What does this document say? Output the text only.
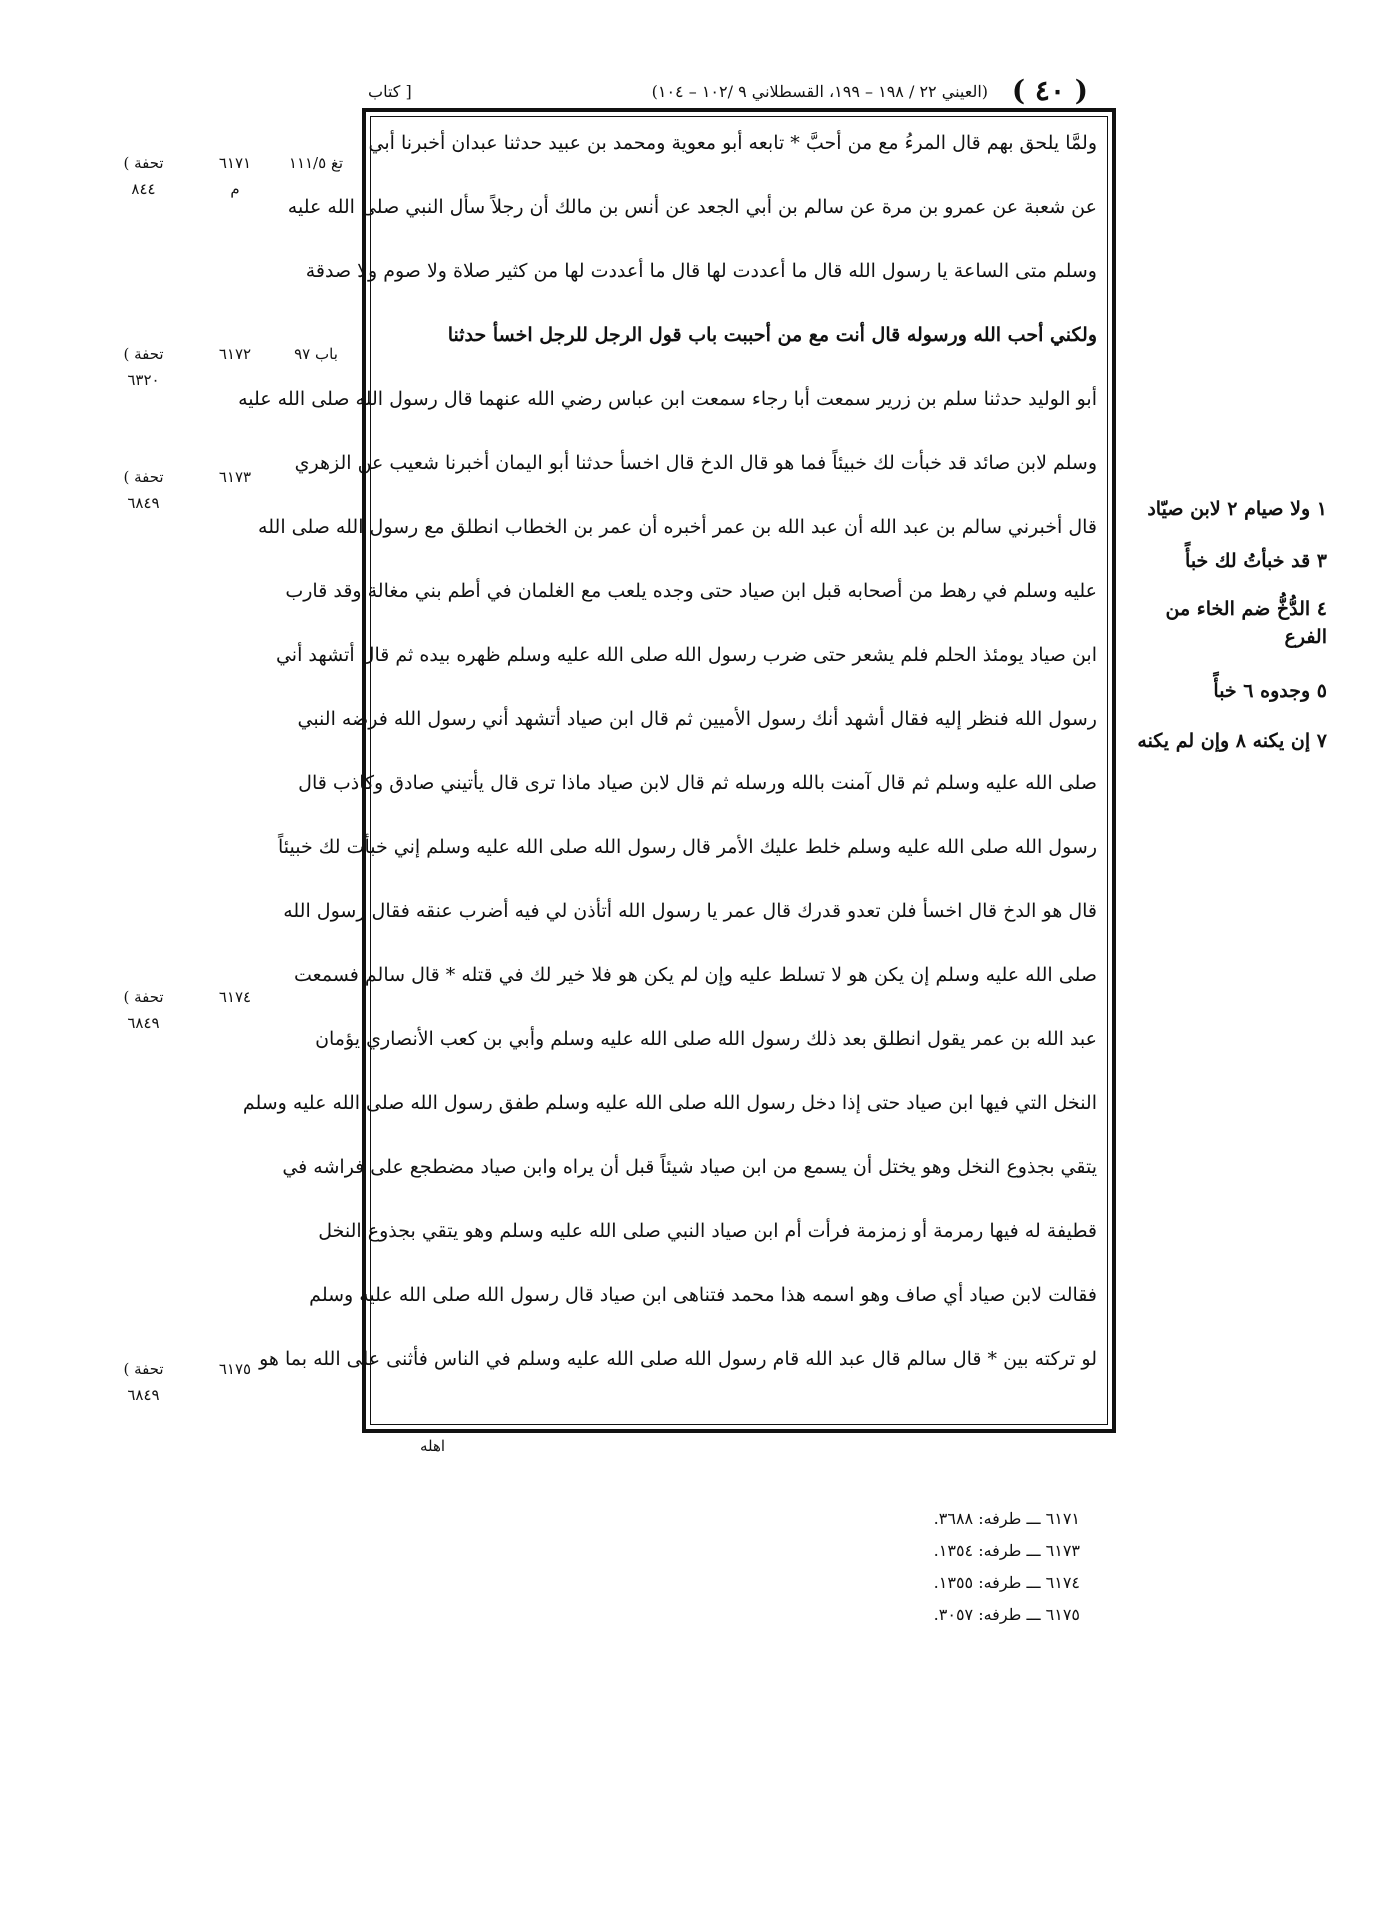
( ٤٠ )
(العيني ٢٢ / ١٩٨ – ١٩٩، القسطلاني ٩ /١٠٢ – ١٠٤)
[ كتاب
ولمَّا يلحق بهم قال المرءُ مع من أحبَّ * تابعه أبو معوية ومحمد بن عبيد حدثنا عبدان أخبرنا أبي
عن شعبة عن عمرو بن مرة عن سالم بن أبي الجعد عن أنس بن مالك أن رجلاً سأل النبي صلى الله عليه
وسلم متى الساعة يا رسول الله قال ما أعددت لها قال ما أعددت لها من كثير صلاة ولا صوم ولا صدقة
ولكني أحب الله ورسوله قال أنت مع من أحببت باب قول الرجل للرجل اخسأ حدثنا
أبو الوليد حدثنا سلم بن زرير سمعت أبا رجاء سمعت ابن عباس رضي الله عنهما قال رسول الله صلى الله عليه
وسلم لابن صائد قد خبأت لك خبيئاً فما هو قال الدخ قال اخسأ حدثنا أبو اليمان أخبرنا شعيب عن الزهري
قال أخبرني سالم بن عبد الله أن عبد الله بن عمر أخبره أن عمر بن الخطاب انطلق مع رسول الله صلى الله
عليه وسلم في رهط من أصحابه قبل ابن صياد حتى وجده يلعب مع الغلمان في أطم بني مغالة وقد قارب
ابن صياد يومئذ الحلم فلم يشعر حتى ضرب رسول الله صلى الله عليه وسلم ظهره بيده ثم قال أتشهد أني
رسول الله فنظر إليه فقال أشهد أنك رسول الأميين ثم قال ابن صياد أتشهد أني رسول الله فرضه النبي
صلى الله عليه وسلم ثم قال آمنت بالله ورسله ثم قال لابن صياد ماذا ترى قال يأتيني صادق وكاذب قال
رسول الله صلى الله عليه وسلم خلط عليك الأمر قال رسول الله صلى الله عليه وسلم إني خبأت لك خبيئاً
قال هو الدخ قال اخسأ فلن تعدو قدرك قال عمر يا رسول الله أتأذن لي فيه أضرب عنقه فقال رسول الله
صلى الله عليه وسلم إن يكن هو لا تسلط عليه وإن لم يكن هو فلا خير لك في قتله * قال سالم فسمعت
عبد الله بن عمر يقول انطلق بعد ذلك رسول الله صلى الله عليه وسلم وأبي بن كعب الأنصاري يؤمان
النخل التي فيها ابن صياد حتى إذا دخل رسول الله صلى الله عليه وسلم طفق رسول الله صلى الله عليه وسلم
يتقي بجذوع النخل وهو يختل أن يسمع من ابن صياد شيئاً قبل أن يراه وابن صياد مضطجع على فراشه في
قطيفة له فيها رمرمة أو زمزمة فرأت أم ابن صياد النبي صلى الله عليه وسلم وهو يتقي بجذوع النخل
فقالت لابن صياد أي صاف وهو اسمه هذا محمد فتناهى ابن صياد قال رسول الله صلى الله عليه وسلم
لو تركته بين * قال سالم قال عبد الله قام رسول الله صلى الله عليه وسلم في الناس فأثنى على الله بما هو
اهله
( تحفة
٨٤٤
٦١٧١
م
تغ ١١١/٥
( تحفة
٦٣٢٠
٦١٧٢	باب ٩٧
( تحفة
٦٨٤٩
٦١٧٣
( تحفة
٦٨٤٩
٦١٧٤
( تحفة
٦٨٤٩
٦١٧٥
١ ولا صيام ٢ لابن صيّاد
٣ قد خبأتُ لك خبأً
٤ الدُّخُّ ضم الخاء من الفرع
٥ وجدوه ٦ خبأً
٧ إن يكنه ٨ وإن لم يكنه
٦١٧١ ـــ طرفه: ٣٦٨٨.
٦١٧٣ ـــ طرفه: ١٣٥٤.
٦١٧٤ ـــ طرفه: ١٣٥٥.
٦١٧٥ ـــ طرفه: ٣٠٥٧.
